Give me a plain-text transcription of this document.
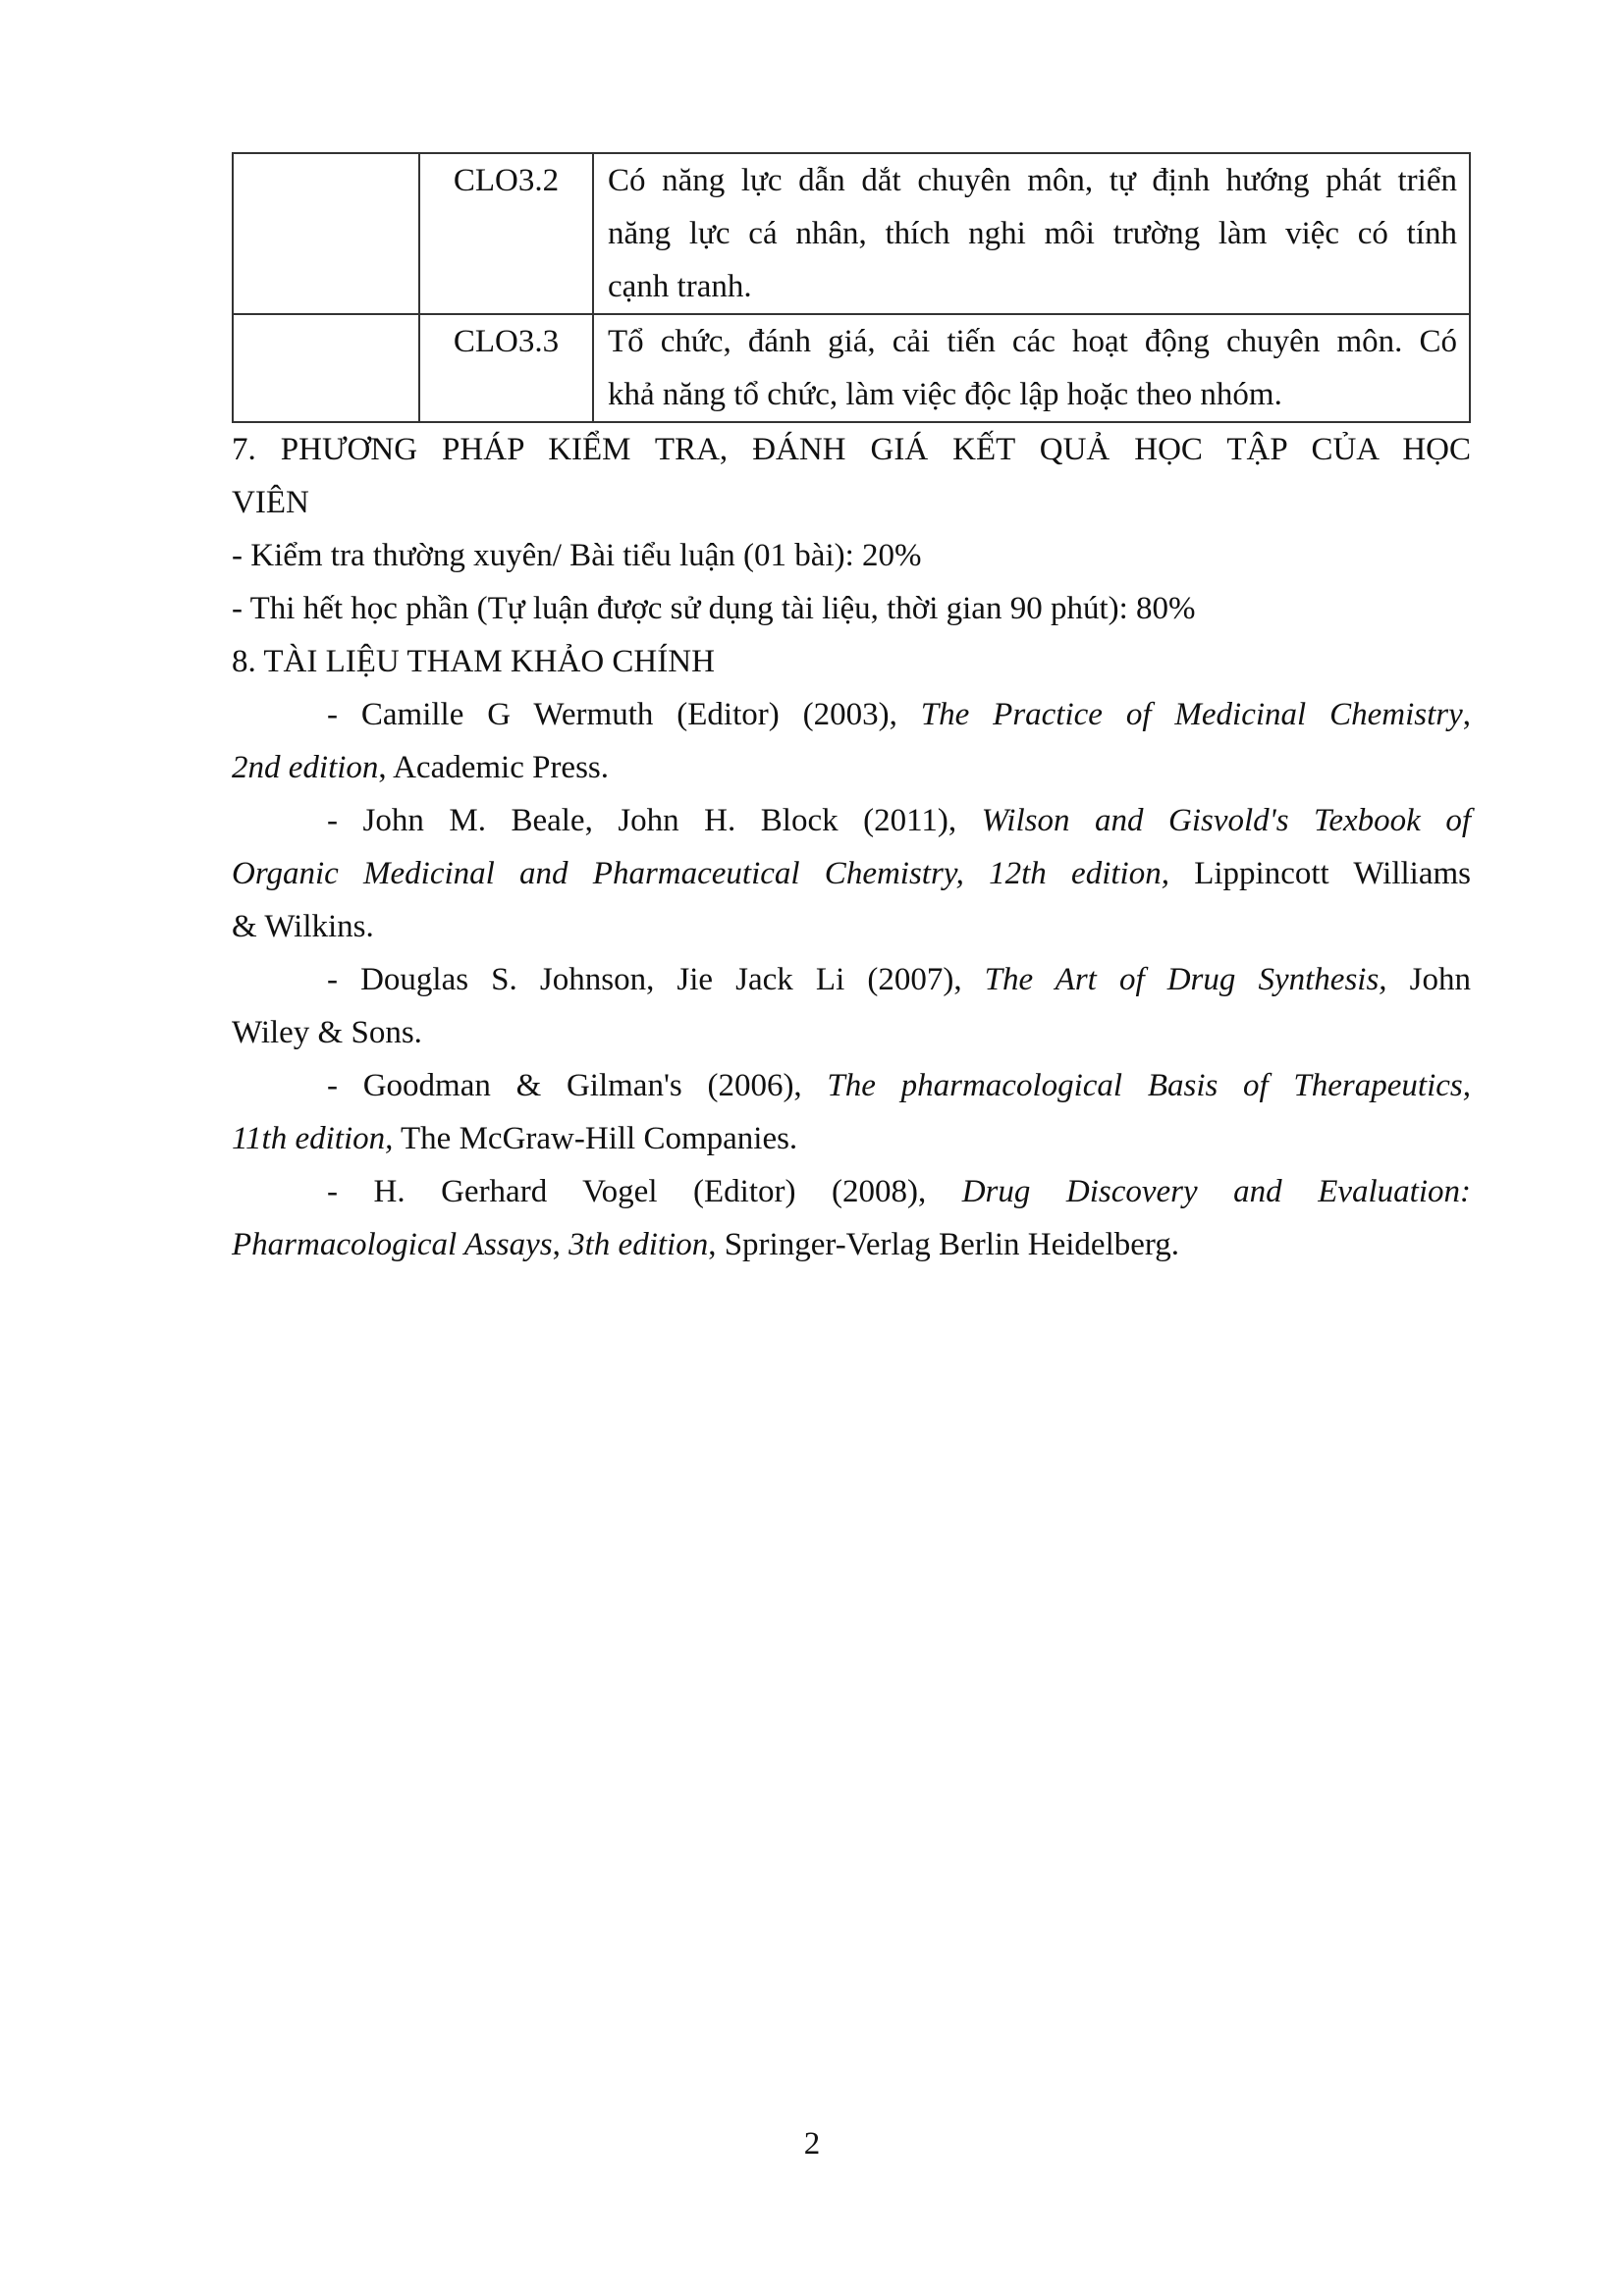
	CLO3.2	Có năng lực dẫn dắt chuyên môn, tự định hướng phát triển
năng lực cá nhân, thích nghi môi trường làm việc có tính
cạnh tranh.

	CLO3.3	Tổ chức, đánh giá, cải tiến các hoạt động chuyên môn. Có
khả năng tổ chức, làm việc độc lập hoặc theo nhóm.
7. PHƯƠNG PHÁP KIỂM TRA, ĐÁNH GIÁ KẾT QUẢ HỌC TẬP CỦA HỌC
VIÊN
- Kiểm tra thường xuyên/ Bài tiểu luận (01 bài): 20%
- Thi hết học phần (Tự luận được sử dụng tài liệu, thời gian 90 phút): 80%
8. TÀI LIỆU THAM KHẢO CHÍNH
- Camille G Wermuth (Editor) (2003), The Practice of Medicinal Chemistry,
2nd edition, Academic Press.
- John M. Beale, John H. Block (2011), Wilson and Gisvold's Texbook of
Organic Medicinal and Pharmaceutical Chemistry, 12th edition, Lippincott Williams
& Wilkins.
- Douglas S. Johnson, Jie Jack Li (2007), The Art of Drug Synthesis, John
Wiley & Sons.
- Goodman & Gilman's (2006), The pharmacological Basis of Therapeutics,
11th edition, The McGraw-Hill Companies.
- H. Gerhard Vogel (Editor) (2008), Drug Discovery and Evaluation:
Pharmacological Assays, 3th edition, Springer-Verlag Berlin Heidelberg.
2
